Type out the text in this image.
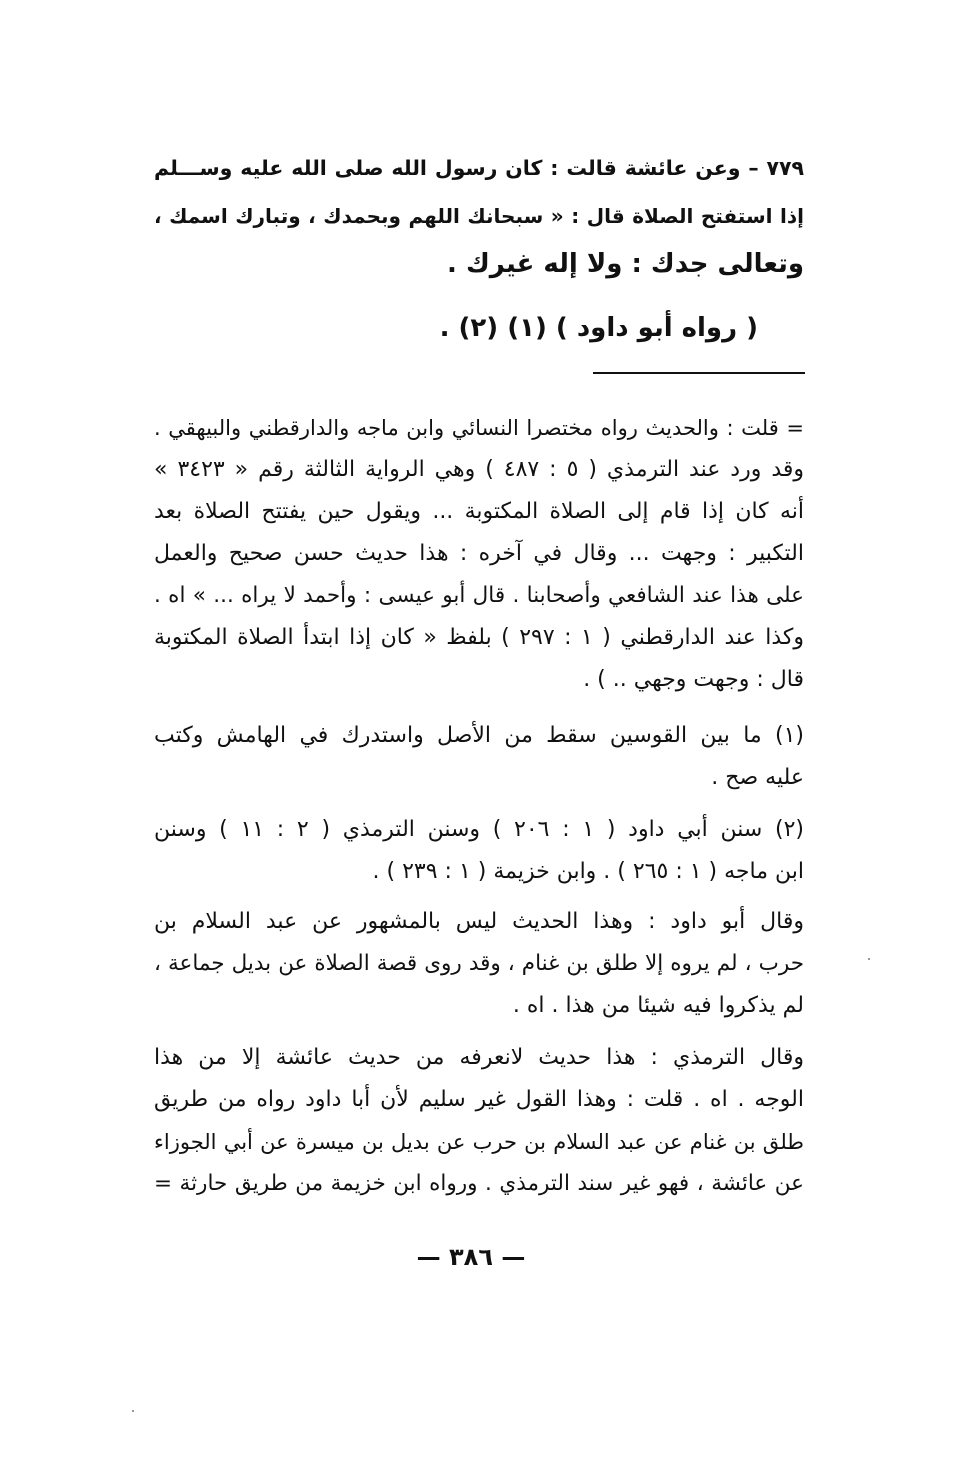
٧٧٩ – وعن عائشة قالت : كان رسول الله صلى الله عليه وســـلم
إذا استفتح الصلاة قال : « سبحانك اللهم وبحمدك ، وتبارك اسمك ،
وتعالى جدك : ولا إله غيرك .
( رواه أبو داود ) (١) (٢) .
= قلت : والحديث رواه مختصرا النسائي وابن ماجه والدارقطني والبيهقي .
وقد ورد عند الترمذي ( ٥ : ٤٨٧ ) وهي الرواية الثالثة رقم « ٣٤٢٣ »
أنه كان إذا قام إلى الصلاة المكتوبة ... ويقول حين يفتتح الصلاة بعد
التكبير : وجهت ... وقال في آخره : هذا حديث حسن صحيح والعمل
على هذا عند الشافعي وأصحابنا . قال أبو عيسى : وأحمد لا يراه ... » اه .
وكذا عند الدارقطني ( ١ : ٢٩٧ ) بلفظ « كان إذا ابتدأ الصلاة المكتوبة
قال : وجهت وجهي .. ) .
(١) ما بين القوسين سقط من الأصل واستدرك في الهامش وكتب
عليه صح .
(٢) سنن أبي داود ( ١ : ٢٠٦ ) وسنن الترمذي ( ٢ : ١١ ) وسنن
ابن ماجه ( ١ : ٢٦٥ ) . وابن خزيمة ( ١ : ٢٣٩ ) .
وقال أبو داود : وهذا الحديث ليس بالمشهور عن عبد السلام بن
حرب ، لم يروه إلا طلق بن غنام ، وقد روى قصة الصلاة عن بديل جماعة ،
لم يذكروا فيه شيئا من هذا . اه .
وقال الترمذي : هذا حديث لانعرفه من حديث عائشة إلا من هذا
الوجه . اه . قلت : وهذا القول غير سليم لأن أبا داود رواه من طريق
طلق بن غنام عن عبد السلام بن حرب عن بديل بن ميسرة عن أبي الجوزاء
عن عائشة ، فهو غير سند الترمذي . ورواه ابن خزيمة من طريق حارثة =
— ٣٨٦ —
